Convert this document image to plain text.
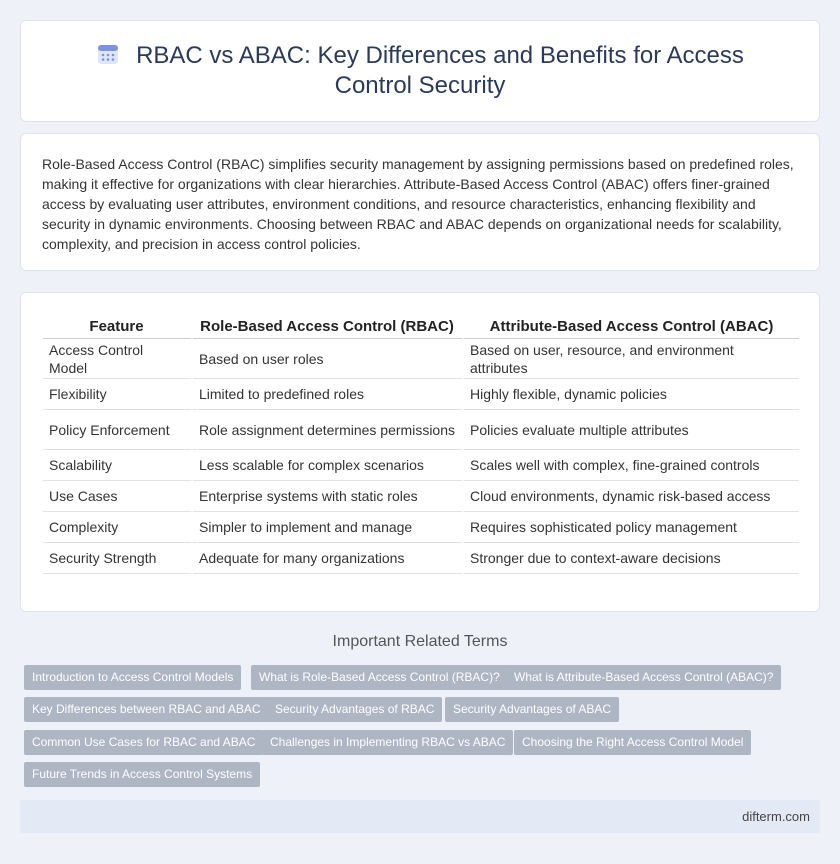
RBAC vs ABAC: Key Differences and Benefits for Access Control Security

Role-Based Access Control (RBAC) simplifies security management by assigning permissions based on predefined roles, making it effective for organizations with clear hierarchies. Attribute-Based Access Control (ABAC) offers finer-grained access by evaluating user attributes, environment conditions, and resource characteristics, enhancing flexibility and security in dynamic environments. Choosing between RBAC and ABAC depends on organizational needs for scalability, complexity, and precision in access control policies.

Feature	Role-Based Access Control (RBAC)	Attribute-Based Access Control (ABAC)
Access Control Model	Based on user roles	Based on user, resource, and environment attributes
Flexibility	Limited to predefined roles	Highly flexible, dynamic policies
Policy Enforcement	Role assignment determines permissions	Policies evaluate multiple attributes
Scalability	Less scalable for complex scenarios	Scales well with complex, fine-grained controls
Use Cases	Enterprise systems with static roles	Cloud environments, dynamic risk-based access
Complexity	Simpler to implement and manage	Requires sophisticated policy management
Security Strength	Adequate for many organizations	Stronger due to context-aware decisions
Important Related Terms
Introduction to Access Control Models	What is Role-Based Access Control (RBAC)?	What is Attribute-Based Access Control (ABAC)?
Key Differences between RBAC and ABAC	Security Advantages of RBAC	Security Advantages of ABAC
Common Use Cases for RBAC and ABAC	Challenges in Implementing RBAC vs ABAC	Choosing the Right Access Control Model
Future Trends in Access Control Systems
difterm.com
